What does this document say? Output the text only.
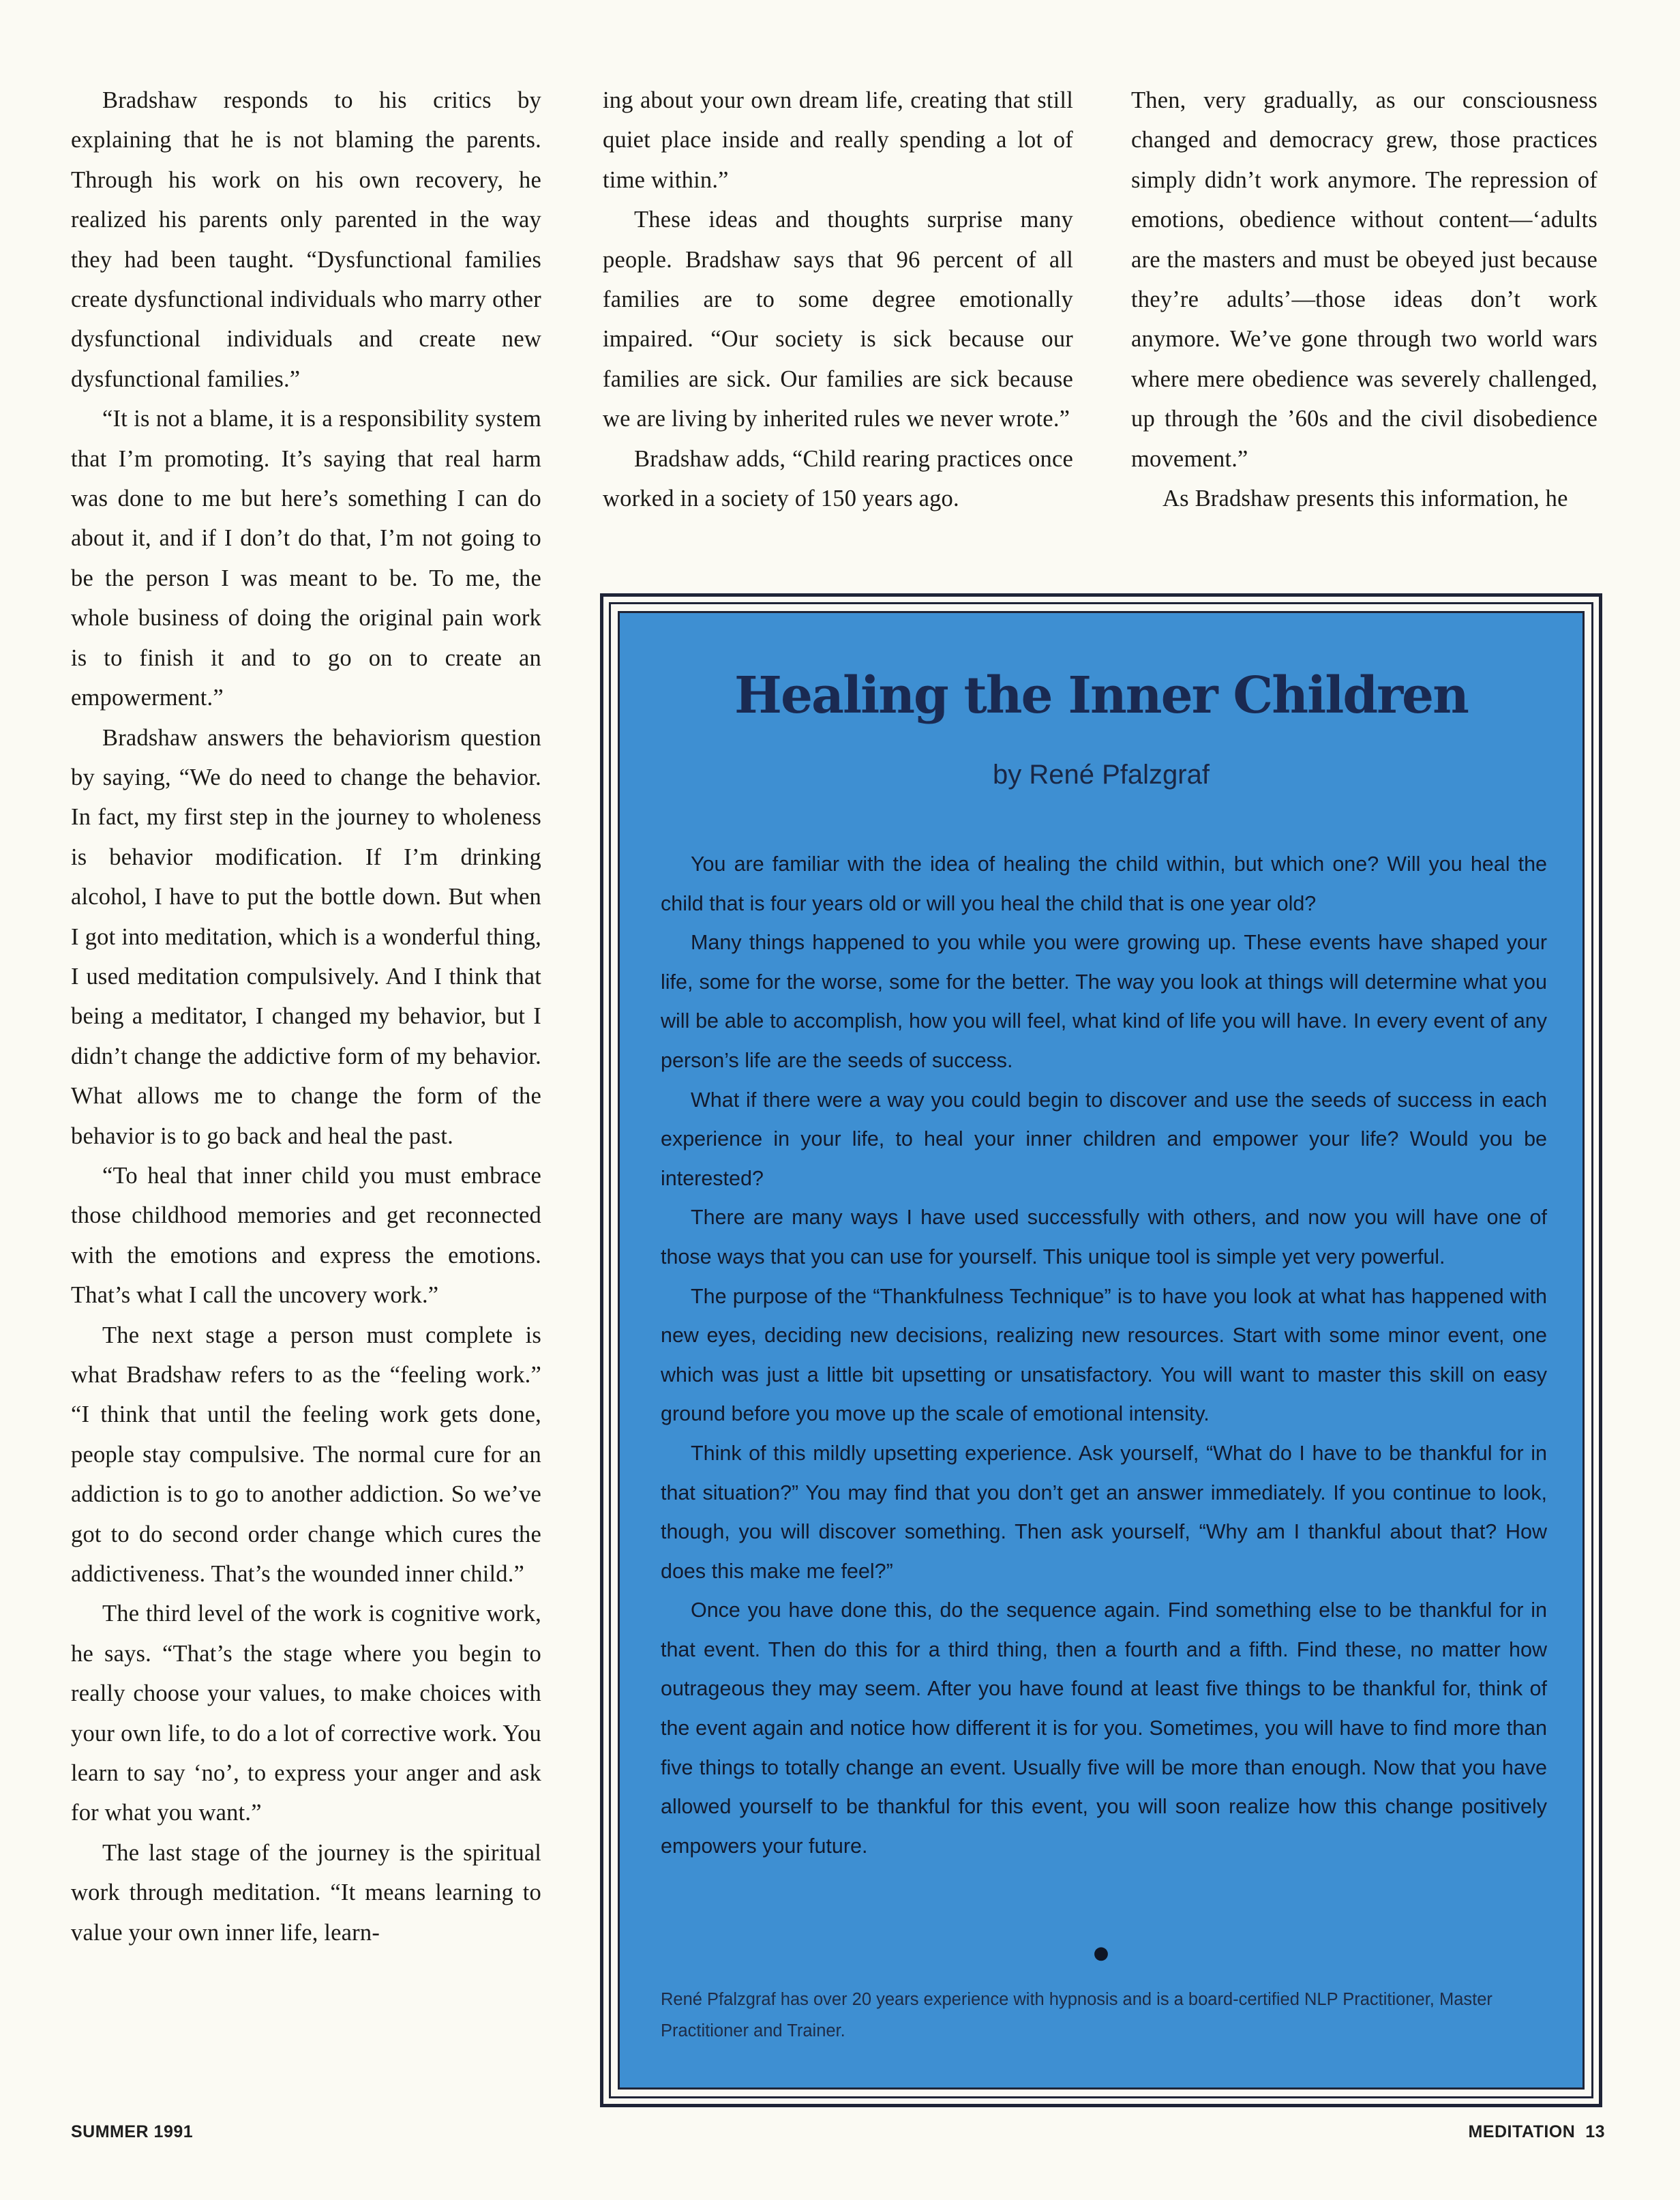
Bradshaw responds to his critics by explaining that he is not blaming the parents. Through his work on his own recovery, he realized his parents only parented in the way they had been taught. “Dysfunctional families create dysfunctional individuals who marry other dysfunctional individuals and create new dysfunctional families.”

“It is not a blame, it is a responsibility system that I’m promoting. It’s saying that real harm was done to me but here’s something I can do about it, and if I don’t do that, I’m not going to be the person I was meant to be. To me, the whole business of doing the original pain work is to finish it and to go on to create an empowerment.”

Bradshaw answers the behaviorism question by saying, “We do need to change the behavior. In fact, my first step in the journey to wholeness is behavior modification. If I’m drinking alcohol, I have to put the bottle down. But when I got into meditation, which is a wonderful thing, I used meditation compulsively. And I think that being a meditator, I changed my behavior, but I didn’t change the addictive form of my behavior. What allows me to change the form of the behavior is to go back and heal the past.

“To heal that inner child you must embrace those childhood memories and get reconnected with the emotions and express the emotions. That’s what I call the uncovery work.”

The next stage a person must complete is what Bradshaw refers to as the “feeling work.” “I think that until the feeling work gets done, people stay compulsive. The normal cure for an addiction is to go to another addiction. So we’ve got to do second order change which cures the addictiveness. That’s the wounded inner child.”

The third level of the work is cognitive work, he says. “That’s the stage where you begin to really choose your values, to make choices with your own life, to do a lot of corrective work. You learn to say ‘no’, to express your anger and ask for what you want.”

The last stage of the journey is the spiritual work through meditation. “It means learning to value your own inner life, learn-

ing about your own dream life, creating that still quiet place inside and really spending a lot of time within.”

These ideas and thoughts surprise many people. Bradshaw says that 96 percent of all families are to some degree emotionally impaired. “Our society is sick because our families are sick. Our families are sick because we are living by inherited rules we never wrote.”

Bradshaw adds, “Child rearing practices once worked in a society of 150 years ago.

Then, very gradually, as our consciousness changed and democracy grew, those practices simply didn’t work anymore. The repression of emotions, obedience without content—‘adults are the masters and must be obeyed just because they’re adults’—those ideas don’t work anymore. We’ve gone through two world wars where mere obedience was severely challenged, up through the ’60s and the civil disobedience movement.”

As Bradshaw presents this information, he

Healing the Inner Children
by René Pfalzgraf

You are familiar with the idea of healing the child within, but which one? Will you heal the child that is four years old or will you heal the child that is one year old?

Many things happened to you while you were growing up. These events have shaped your life, some for the worse, some for the better. The way you look at things will determine what you will be able to accomplish, how you will feel, what kind of life you will have. In every event of any person’s life are the seeds of success.

What if there were a way you could begin to discover and use the seeds of success in each experience in your life, to heal your inner children and empower your life? Would you be interested?

There are many ways I have used successfully with others, and now you will have one of those ways that you can use for yourself. This unique tool is simple yet very powerful.

The purpose of the “Thankfulness Technique” is to have you look at what has happened with new eyes, deciding new decisions, realizing new resources. Start with some minor event, one which was just a little bit upsetting or unsatisfactory. You will want to master this skill on easy ground before you move up the scale of emotional intensity.

Think of this mildly upsetting experience. Ask yourself, “What do I have to be thankful for in that situation?” You may find that you don’t get an answer immediately. If you continue to look, though, you will discover something. Then ask yourself, “Why am I thankful about that? How does this make me feel?”

Once you have done this, do the sequence again. Find something else to be thankful for in that event. Then do this for a third thing, then a fourth and a fifth. Find these, no matter how outrageous they may seem. After you have found at least five things to be thankful for, think of the event again and notice how different it is for you. Sometimes, you will have to find more than five things to totally change an event. Usually five will be more than enough. Now that you have allowed yourself to be thankful for this event, you will soon realize how this change positively empowers your future.

●

René Pfalzgraf has over 20 years experience with hypnosis and is a board-certified NLP Practitioner, Master Practitioner and Trainer.

SUMMER 1991	MEDITATION  13
